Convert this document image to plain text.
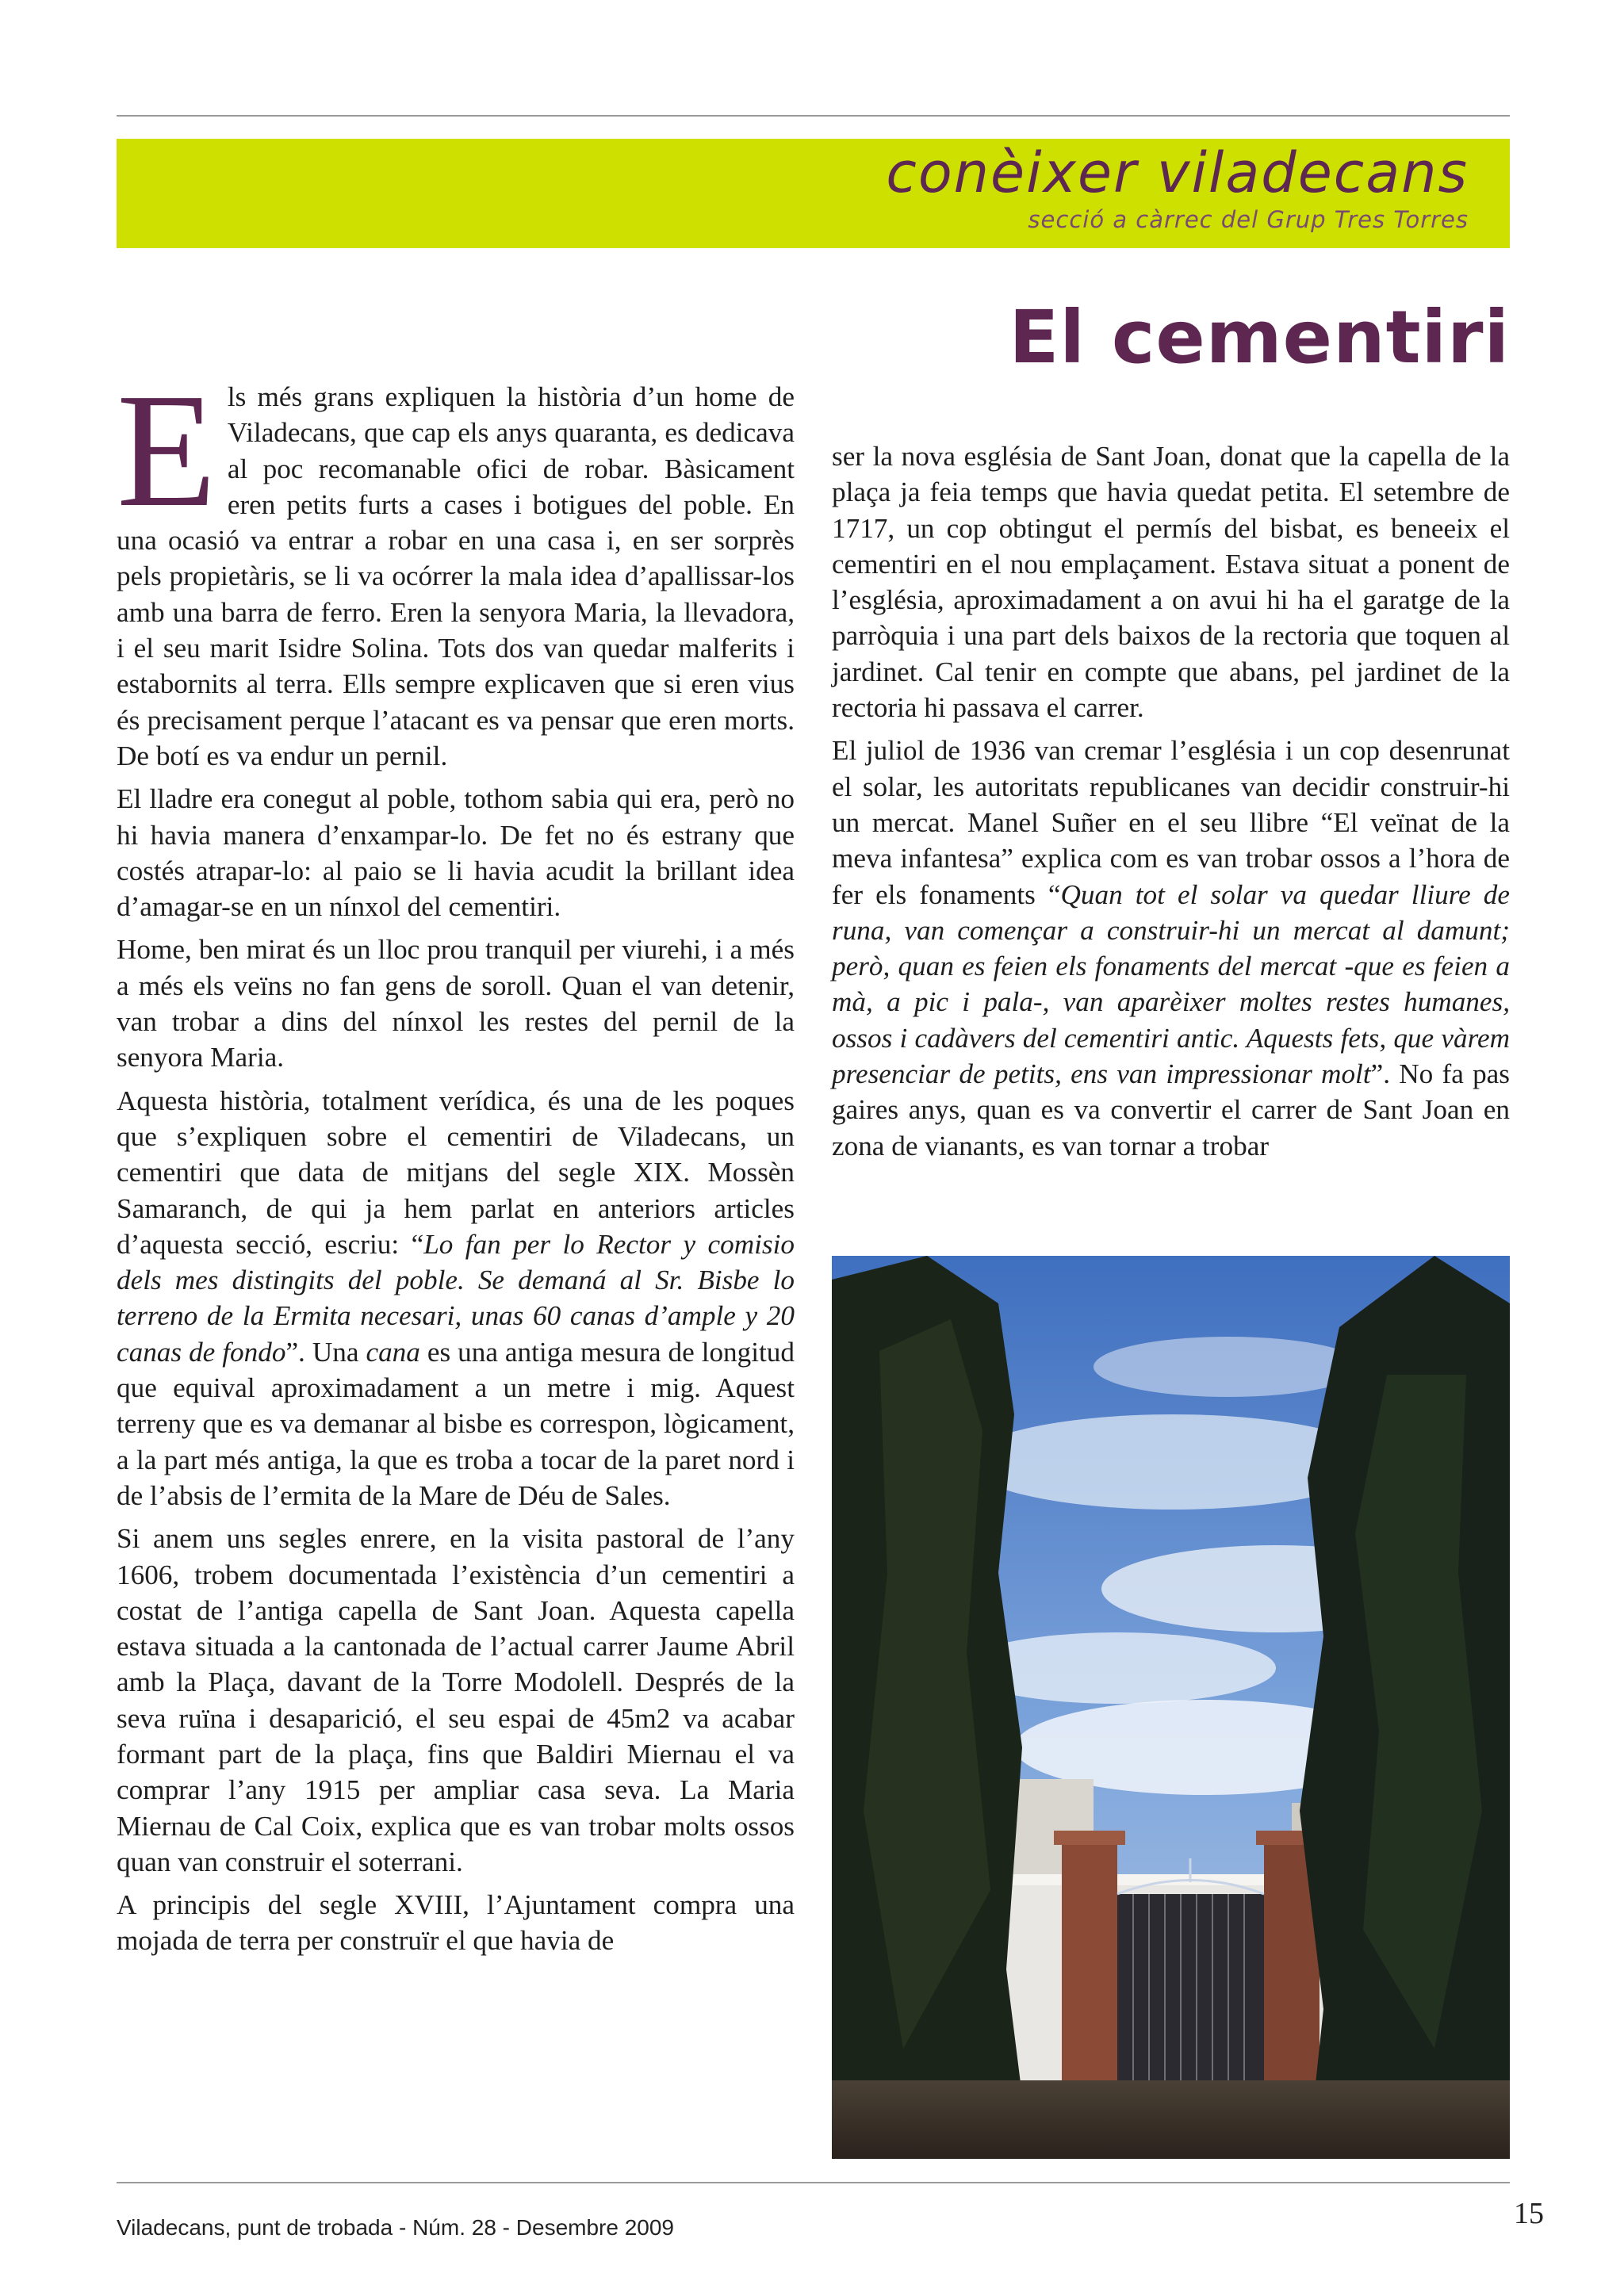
conèixer viladecans
secció a càrrec del Grup Tres Torres
El cementiri

Els més grans expliquen la història d’un home de Viladecans, que cap els anys quaranta, es dedicava al poc recomanable ofici de robar. Bàsicament eren petits furts a cases i botigues del poble. En una ocasió va entrar a robar en una casa i, en ser sorprès pels propietàris, se li va ocórrer la mala idea d’apallissar-los amb una barra de ferro. Eren la senyora Maria, la llevadora, i el seu marit Isidre Solina. Tots dos van quedar malferits i estabornits al terra. Ells sempre explicaven que si eren vius és precisament perque l’atacant es va pensar que eren morts. De botí es va endur un pernil.

El lladre era conegut al poble, tothom sabia qui era, però no hi havia manera d’enxampar-lo. De fet no és estrany que costés atrapar-lo: al paio se li havia acudit la brillant idea d’amagar-se en un nínxol del cementiri.

Home, ben mirat és un lloc prou tranquil per viurehi, i a més a més els veïns no fan gens de soroll. Quan el van detenir, van trobar a dins del nínxol les restes del pernil de la senyora Maria.

Aquesta història, totalment verídica, és una de les poques que s’expliquen sobre el cementiri de Viladecans, un cementiri que data de mitjans del segle XIX. Mossèn Samaranch, de qui ja hem parlat en anteriors articles d’aquesta secció, escriu: “Lo fan per lo Rector y comisio dels mes distingits del poble. Se demaná al Sr. Bisbe lo terreno de la Ermita necesari, unas 60 canas d’ample y 20 canas de fondo”. Una cana es una antiga mesura de longitud que equival aproximadament a un metre i mig. Aquest terreny que es va demanar al bisbe es correspon, lògicament, a la part més antiga, la que es troba a tocar de la paret nord i de l’absis de l’ermita de la Mare de Déu de Sales.

Si anem uns segles enrere, en la visita pastoral de l’any 1606, trobem documentada l’existència d’un cementiri a costat de l’antiga capella de Sant Joan. Aquesta capella estava situada a la cantonada de l’actual carrer Jaume Abril amb la Plaça, davant de la Torre Modolell. Després de la seva ruïna i desaparició, el seu espai de 45m2 va acabar formant part de la plaça, fins que Baldiri Miernau el va comprar l’any 1915 per ampliar casa seva. La Maria Miernau de Cal Coix, explica que es van trobar molts ossos quan van construir el soterrani.

A principis del segle XVIII, l’Ajuntament compra una mojada de terra per construïr el que havia de

ser la nova església de Sant Joan, donat que la capella de la plaça ja feia temps que havia quedat petita. El setembre de 1717, un cop obtingut el permís del bisbat, es beneeix el cementiri en el nou emplaçament. Estava situat a ponent de l’església, aproximadament a on avui hi ha el garatge de la parròquia i una part dels baixos de la rectoria que toquen al jardinet. Cal tenir en compte que abans, pel jardinet de la rectoria hi passava el carrer.

El juliol de 1936 van cremar l’església i un cop desenrunat el solar, les autoritats republicanes van decidir construir-hi un mercat. Manel Suñer en el seu llibre “El veïnat de la meva infantesa” explica com es van trobar ossos a l’hora de fer els fonaments “Quan tot el solar va quedar lliure de runa, van començar a construir-hi un mercat al damunt; però, quan es feien els fonaments del mercat -que es feien a mà, a pic i pala-, van aparèixer moltes restes humanes, ossos i cadàvers del cementiri antic. Aquests fets, que vàrem presenciar de petits, ens van impressionar molt”. No fa pas gaires anys, quan es va convertir el carrer de Sant Joan en zona de vianants, es van tornar a trobar

Viladecans, punt de trobada - Núm. 28 - Desembre 2009	15
